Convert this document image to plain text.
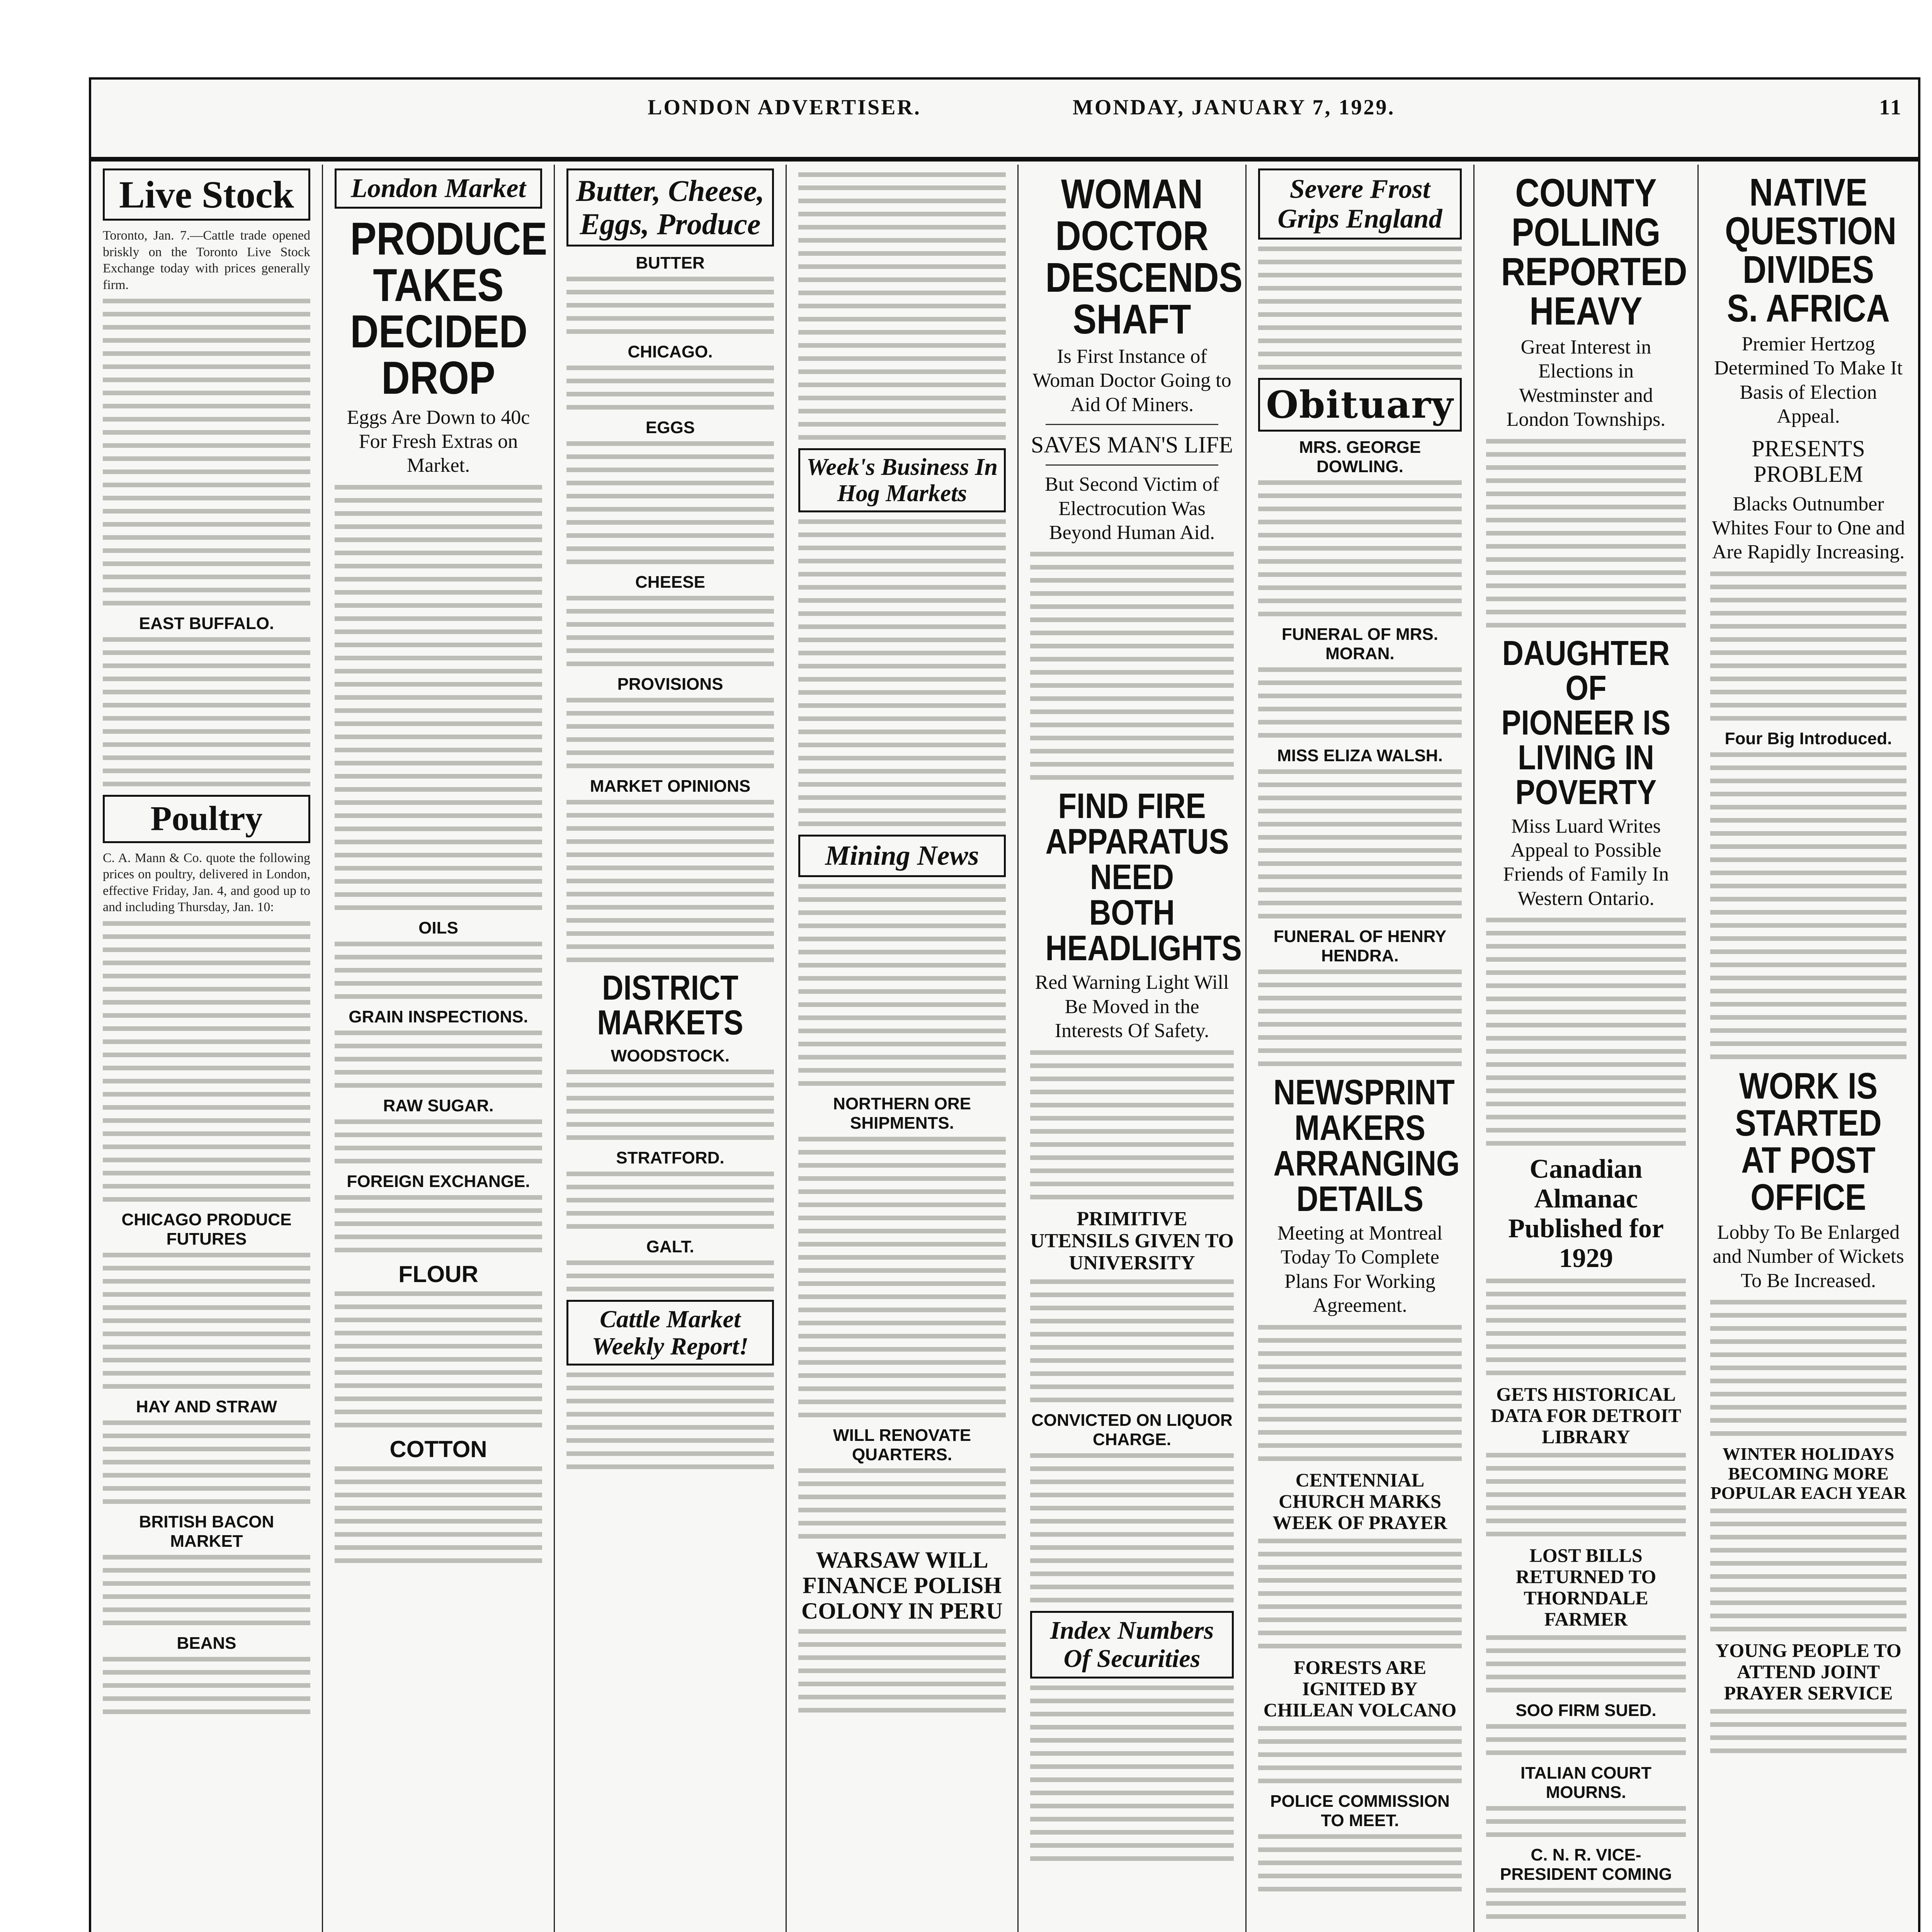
LONDON ADVERTISER.	MONDAY, JANUARY 7, 1929.	11
Live Stock
Toronto, Jan. 7.—Cattle trade opened briskly on the Toronto Live Stock Exchange today with prices generally firm.
EAST BUFFALO.
Poultry
C. A. Mann & Co. quote the following prices on poultry, delivered in London, effective Friday, Jan. 4, and good up to and including Thursday, Jan. 10:
CHICAGO PRODUCE FUTURES
HAY AND STRAW
BRITISH BACON MARKET
BEANS
London Market
PRODUCE TAKES DECIDED DROP
Eggs Are Down to 40c For Fresh Extras on Market.
OILS
GRAIN INSPECTIONS.
RAW SUGAR.
FOREIGN EXCHANGE.
FLOUR
COTTON
Butter, Cheese, Eggs, Produce
BUTTER
CHICAGO.
EGGS
CHEESE
PROVISIONS
MARKET OPINIONS
DISTRICT MARKETS
WOODSTOCK.
STRATFORD.
GALT.
Cattle Market Weekly Report!
Week's Business In Hog Markets
Mining News
NORTHERN ORE SHIPMENTS.
WILL RENOVATE QUARTERS.
WARSAW WILL FINANCE POLISH COLONY IN PERU
WOMAN DOCTOR DESCENDS SHAFT
Is First Instance of Woman Doctor Going to Aid Of Miners.
SAVES MAN'S LIFE
But Second Victim of Electrocution Was Beyond Human Aid.
FIND FIRE APPARATUS NEED BOTH HEADLIGHTS
Red Warning Light Will Be Moved in the Interests Of Safety.
PRIMITIVE UTENSILS GIVEN TO UNIVERSITY
CONVICTED ON LIQUOR CHARGE.
Index Numbers Of Securities
Severe Frost Grips England
Obituary
MRS. GEORGE DOWLING.
FUNERAL OF MRS. MORAN.
MISS ELIZA WALSH.
FUNERAL OF HENRY HENDRA.
NEWSPRINT MAKERS ARRANGING DETAILS
Meeting at Montreal Today To Complete Plans For Working Agreement.
CENTENNIAL CHURCH MARKS WEEK OF PRAYER
FORESTS ARE IGNITED BY CHILEAN VOLCANO
POLICE COMMISSION TO MEET.
COUNTY POLLING REPORTED HEAVY
Great Interest in Elections in Westminster and London Townships.
DAUGHTER OF PIONEER IS LIVING IN POVERTY
Miss Luard Writes Appeal to Possible Friends of Family In Western Ontario.
Canadian Almanac Published for 1929
GETS HISTORICAL DATA FOR DETROIT LIBRARY
LOST BILLS RETURNED TO THORNDALE FARMER
SOO FIRM SUED.
ITALIAN COURT MOURNS.
C. N. R. VICE-PRESIDENT COMING
NATIVE QUESTION DIVIDES S. AFRICA
Premier Hertzog Determined To Make It Basis of Election Appeal.
PRESENTS PROBLEM
Blacks Outnumber Whites Four to One and Are Rapidly Increasing.
Four Big Introduced.
WORK IS STARTED AT POST OFFICE
Lobby To Be Enlarged and Number of Wickets To Be Increased.
WINTER HOLIDAYS BECOMING MORE POPULAR EACH YEAR
YOUNG PEOPLE TO ATTEND JOINT PRAYER SERVICE
